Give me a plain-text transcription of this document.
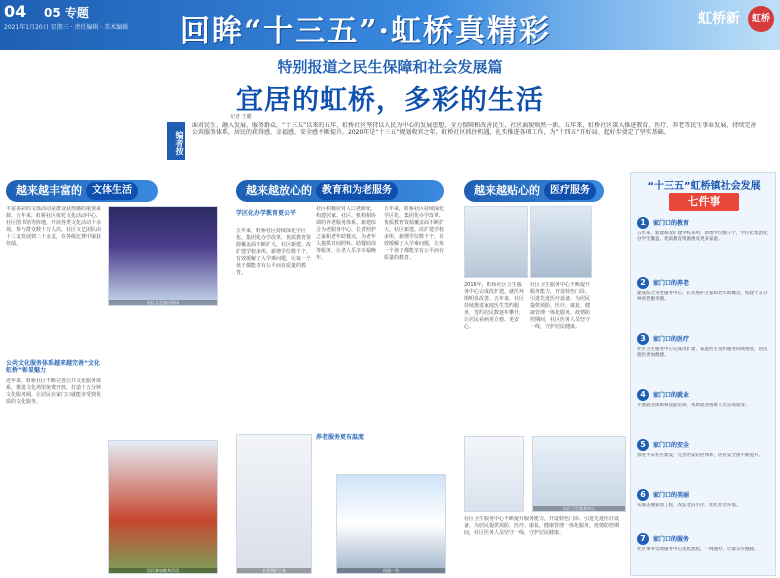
04 05 专题
2021年1月20日 星期三 · 责任编辑 · 美术编辑 回眸“十三五”·虹桥真精彩	虹桥新	虹桥
特别报道之民生保障和社会发展篇
宜居的虹桥，多彩的生活
记者 王璐
编者按
面对民生、融入发展、服务群众，“十三五”以来的五年，虹桥社区坚持以人民为中心的发展思想，全力保障和改善民生，社区面貌焕然一新。五年来，虹桥社区深入推进教育、医疗、养老等民生事业发展，持续完善公共服务体系，居民的获得感、幸福感、安全感不断提升。2020年是“十三五”规划收官之年，虹桥社区抓住机遇，扎实推进各项工作，为“十四五”开好局、起好步奠定了坚实基础。
越来越丰富的 文体生活
丰富多彩的文体活动是群众获得感的重要来源。五年来，虹桥社区依托文化活动中心、社区图书馆等阵地，开展各类文化活动千余场，参与群众数十万人次。社区文艺团队由十三支发展到二十余支，在各级比赛中屡获佳绩。
社区文艺演出现场
公共文化服务体系越来越完善“文化虹桥”彰显魅力
近年来，虹桥社区不断完善公共文化服务体系，推进文化场馆免费开放，打造十五分钟文化服务圈，让居民在家门口就能享受到优质的文化服务。
居民参加健身活动
越来越放心的 教育和为老服务
学区化办学教育更公平
五年来，虹桥社区持续深化学区化、集团化办学改革，优质教育资源覆盖面不断扩大。社区新建、改扩建学校多所，新增学位数千个，有效缓解了入学难问题，让每一个孩子都能享有公平而有质量的教育。
社区积极应对人口老龄化，构建居家、社区、机构相协调的养老服务体系。新建综合为老服务中心、长者照护之家和老年助餐点，为老年人提供日间照料、助餐助浴等服务，让老人乐享幸福晚年。
五年来，虹桥社区持续深化学区化、集团化办学改革，优质教育资源覆盖面不断扩大。社区新建、改扩建学校多所，新增学位数千个，有效缓解了入学难问题，让每一个孩子都能享有公平而有质量的教育。
养老服务更有温度
长者照护之家	校园一角
越来越贴心的 医疗服务
2016年，虹桥社区卫生服务中心完成改扩建，就医环境明显改善。五年来，社区持续推进家庭医生签约服务，签约居民数逐年攀升，让居民看病更方便、更安心。
社区卫生服务中心不断提升服务能力，开设特色门诊，引进先进医疗设备，为居民提供预防、医疗、康复、健康管理一体化服务。疫情防控期间，社区医务人员坚守一线，守护居民健康。
社区卫生服务中心
社区卫生服务中心不断提升服务能力，开设特色门诊，引进先进医疗设备，为居民提供预防、医疗、康复、健康管理一体化服务。疫情防控期间，社区医务人员坚守一线，守护居民健康。
“十三五”虹桥镇社会发展
七件事
1	家门口的教育
五年来，新建和改扩建学校多所，新增学位数千个，学区化集团化办学全覆盖，优质教育资源惠及更多家庭。
2	家门口的养老
建成综合为老服务中心、长者照护之家和老年助餐点，构建十五分钟养老服务圈。
3	家门口的医疗
社区卫生服务中心完成改扩建，家庭医生签约服务持续推进，居民就医更加便捷。
4	家门口的就业
开展就业援助和技能培训，帮助就业困难人员实现就业。
5	家门口的安全
推进平安社区建设，完善治安防控体系，居民安全感不断提升。
6	家门口的美丽
实施美丽家园工程，改造老旧小区，优化社区环境。
7	家门口的服务
社区事务受理服务中心优化流程，一网通办，让群众少跑腿。
